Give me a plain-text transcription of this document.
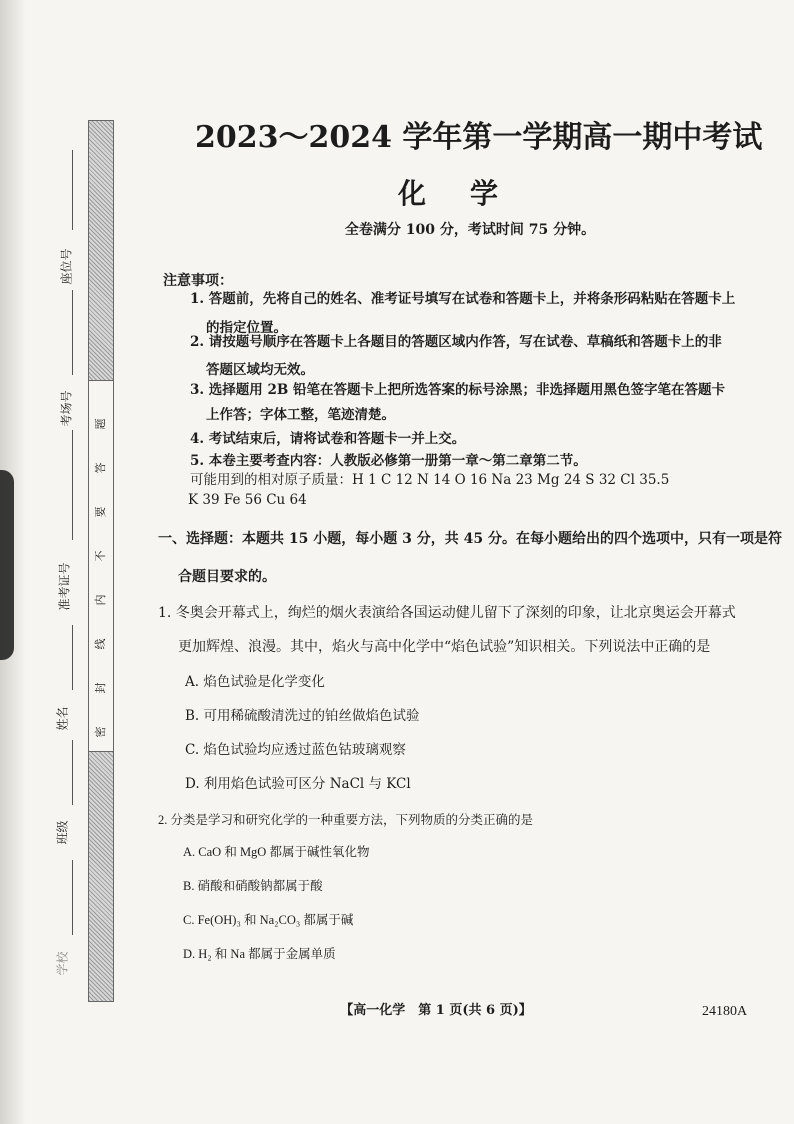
密
封
线
内
不
要
答
题
座位号
考场号
准考证号
姓名
班级
学校
2023～2024 学年第一学期高一期中考试
化学
全卷满分 100 分，考试时间 75 分钟。
注意事项：
1. 答题前，先将自己的姓名、准考证号填写在试卷和答题卡上，并将条形码粘贴在答题卡上
的指定位置。
2. 请按题号顺序在答题卡上各题目的答题区域内作答，写在试卷、草稿纸和答题卡上的非
答题区域均无效。
3. 选择题用 2B 铅笔在答题卡上把所选答案的标号涂黑；非选择题用黑色签字笔在答题卡
上作答；字体工整，笔迹清楚。
4. 考试结束后，请将试卷和答题卡一并上交。
5. 本卷主要考查内容：人教版必修第一册第一章～第二章第二节。
可能用到的相对原子质量：H 1 C 12 N 14 O 16 Na 23 Mg 24 S 32 Cl 35.5
K 39 Fe 56 Cu 64
一、选择题：本题共 15 小题，每小题 3 分，共 45 分。在每小题给出的四个选项中，只有一项是符
合题目要求的。
1. 冬奥会开幕式上，绚烂的烟火表演给各国运动健儿留下了深刻的印象，让北京奥运会开幕式
更加辉煌、浪漫。其中，焰火与高中化学中“焰色试验”知识相关。下列说法中正确的是
A. 焰色试验是化学变化
B. 可用稀硫酸清洗过的铂丝做焰色试验
C. 焰色试验均应透过蓝色钴玻璃观察
D. 利用焰色试验可区分 NaCl 与 KCl
2. 分类是学习和研究化学的一种重要方法，下列物质的分类正确的是
A. CaO 和 MgO 都属于碱性氧化物
B. 硝酸和硝酸钠都属于酸
C. Fe(OH)₃ 和 Na₂CO₃ 都属于碱
D. H₂ 和 Na 都属于金属单质
【高一化学　第 1 页(共 6 页)】	24180A
